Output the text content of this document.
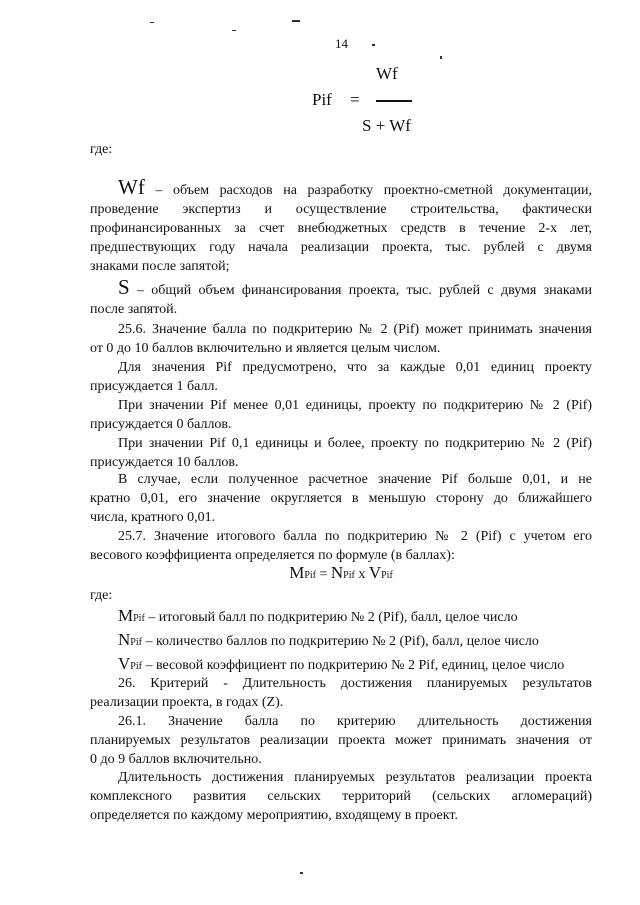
14
Pif =
Wf
S + Wf

где:

Wf – объем расходов на разработку проектно-сметной документации,

проведение экспертиз и осуществление строительства, фактически

профинансированных за счет внебюджетных средств в течение 2-х лет,

предшествующих году начала реализации проекта, тыс. рублей с двумя

знаками после запятой;

S – общий объем финансирования проекта, тыс. рублей с двумя знаками

после запятой.

25.6. Значение балла по подкритерию № 2 (Pif) может принимать значения

от 0 до 10 баллов включительно и является целым числом.

Для значения Pif предусмотрено, что за каждые 0,01 единиц проекту

присуждается 1 балл.

При значении Pif менее 0,01 единицы, проекту по подкритерию № 2 (Pif)

присуждается 0 баллов.

При значении Pif 0,1 единицы и более, проекту по подкритерию № 2 (Pif)

присуждается 10 баллов.

В случае, если полученное расчетное значение Pif больше 0,01, и не

кратно 0,01, его значение округляется в меньшую сторону до ближайшего

числа, кратного 0,01.

25.7. Значение итогового балла по подкритерию № 2 (Pif) с учетом его

весового коэффициента определяется по формуле (в баллах):

MPif = NPif x VPif

где:

MPif – итоговый балл по подкритерию № 2 (Pif), балл, целое число

NPif – количество баллов по подкритерию № 2 (Pif), балл, целое число

VPif – весовой коэффициент по подкритерию № 2 Pif, единиц, целое число

26. Критерий - Длительность достижения планируемых результатов

реализации проекта, в годах (Z).

26.1. Значение балла по критерию длительность достижения

планируемых результатов реализации проекта может принимать значения от

0 до 9 баллов включительно.

Длительность достижения планируемых результатов реализации проекта

комплексного развития сельских территорий (сельских агломераций)

определяется по каждому мероприятию, входящему в проект.
